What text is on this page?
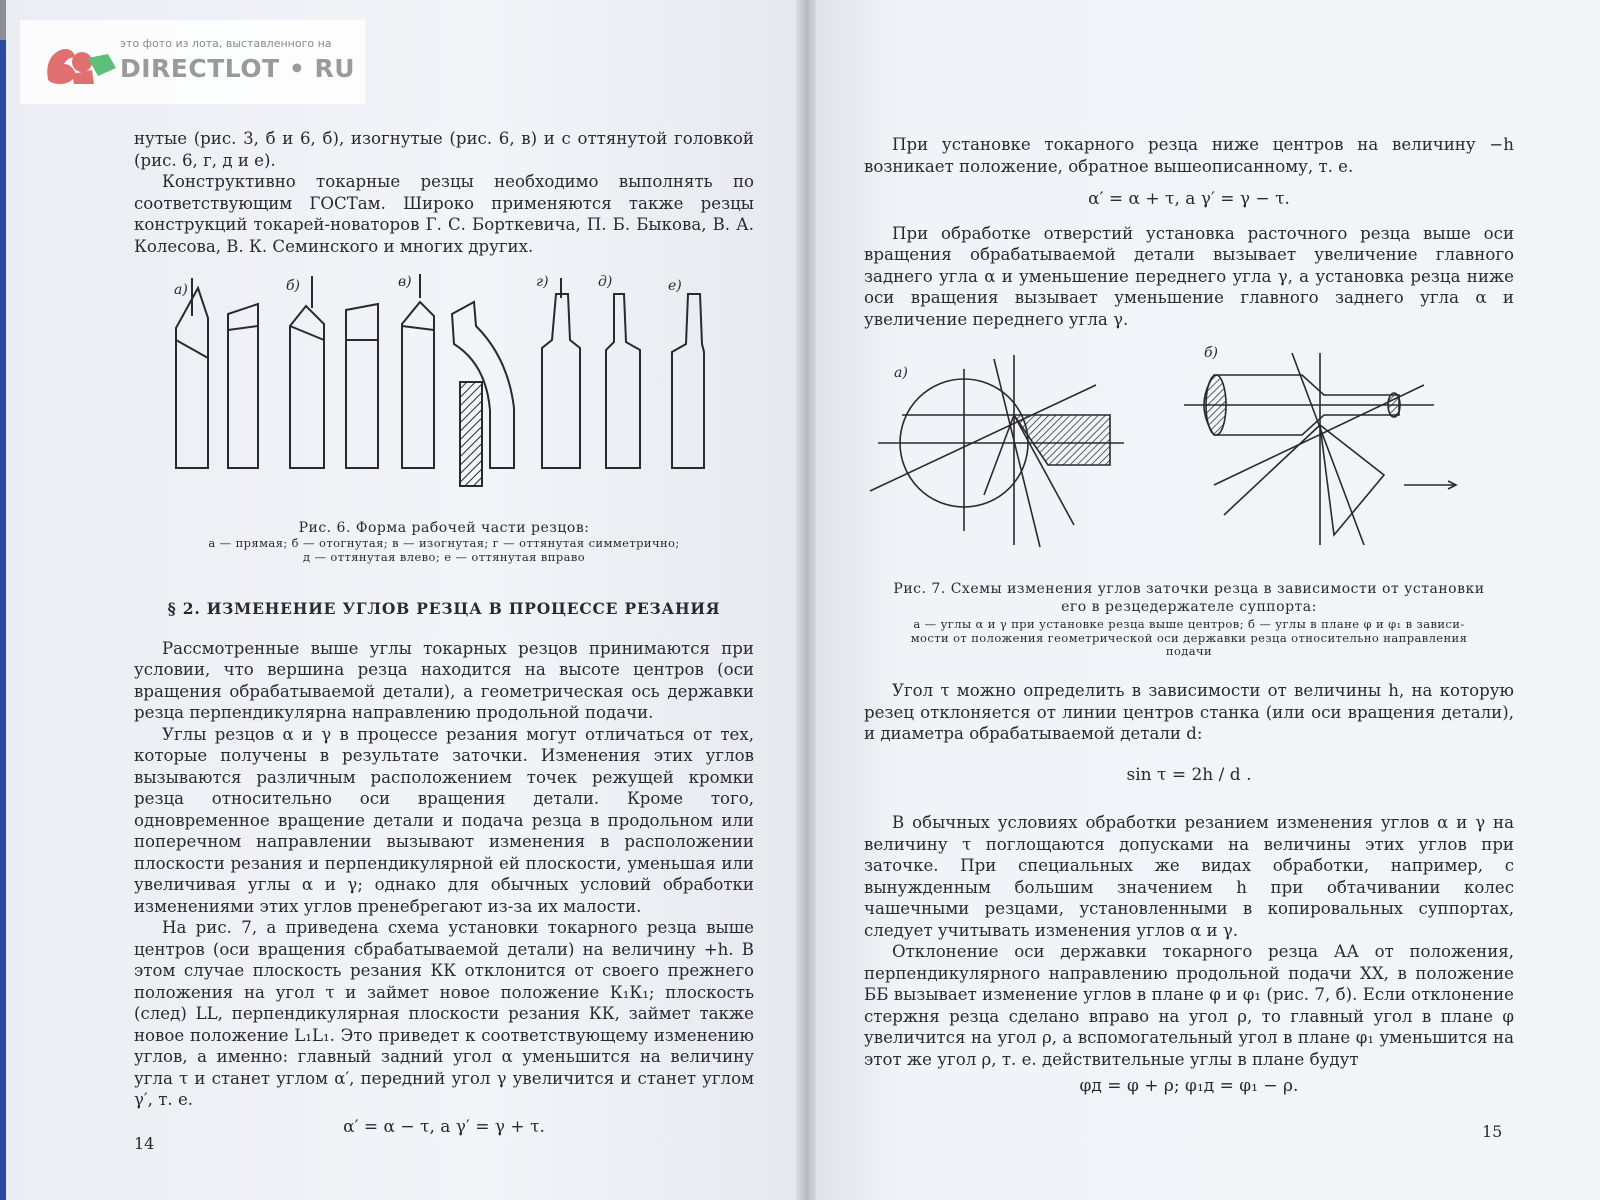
нутые (рис. 3, б и 6, б), изогнутые (рис. 6, в) и с оттянутой головкой (рис. 6, г, д и е).

Конструктивно токарные резцы необходимо выполнять по соответствующим ГОСТам. Широко применяются также резцы конструкций токарей-новаторов Г. С. Борткевича, П. Б. Быкова, В. А. Колесова, В. К. Семинского и многих других.

а)	б)	в)	г)	д)	е)

Рис. 6. Форма рабочей части резцов:

а — прямая; б — отогнутая; в — изогнутая; г — оттянутая симметрично;

д — оттянутая влево; е — оттянутая вправо

§ 2. ИЗМЕНЕНИЕ УГЛОВ РЕЗЦА В ПРОЦЕССЕ РЕЗАНИЯ

Рассмотренные выше углы токарных резцов принимаются при условии, что вершина резца находится на высоте центров (оси вращения обрабатываемой детали), а геометрическая ось державки резца перпендикулярна направлению продольной подачи.

Углы резцов α и γ в процессе резания могут отличаться от тех, которые получены в результате заточки. Изменения этих углов вызываются различным расположением точек режущей кромки резца относительно оси вращения детали. Кроме того, одновременное вращение детали и подача резца в продольном или поперечном направлении вызывают изменения в расположении плоскости резания и перпендикулярной ей плоскости, уменьшая или увеличивая углы α и γ; однако для обычных условий обработки изменениями этих углов пренебрегают из-за их малости.

На рис. 7, а приведена схема установки токарного резца выше центров (оси вращения сбрабатываемой детали) на величину +h. В этом случае плоскость резания КК отклонится от своего прежнего положения на угол τ и займет новое положение К₁К₁; плоскость (след) LL, перпендикулярная плоскости резания КК, займет также новое положение L₁L₁. Это приведет к соответствующему изменению углов, а именно: главный задний угол α уменьшится на величину угла τ и станет углом α′, передний угол γ увеличится и станет углом γ′, т. е.

α′ = α − τ, а γ′ = γ + τ.

14

При установке токарного резца ниже центров на величину −h возникает положение, обратное вышеописанному, т. е.

α′ = α + τ, а γ′ = γ − τ.

При обработке отверстий установка расточного резца выше оси вращения обрабатываемой детали вызывает увеличение главного заднего угла α и уменьшение переднего угла γ, а установка резца ниже оси вращения вызывает уменьшение главного заднего угла α и увеличение переднего угла γ.

а)
б)

Рис. 7. Схемы изменения углов заточки резца в зависимости от установки

его в резцедержателе суппорта:

а — углы α и γ при установке резца выше центров; б — углы в плане φ и φ₁ в зависи-

мости от положения геометрической оси державки резца относительно направления

подачи

Угол τ можно определить в зависимости от величины h, на которую резец отклоняется от линии центров станка (или оси вращения детали), и диаметра обрабатываемой детали d:

sin τ = 2h / d .

В обычных условиях обработки резанием изменения углов α и γ на величину τ поглощаются допусками на величины этих углов при заточке. При специальных же видах обработки, например, с вынужденным большим значением h при обтачивании колес чашечными резцами, установленными в копировальных суппортах, следует учитывать изменения углов α и γ.

Отклонение оси державки токарного резца АА от положения, перпендикулярного направлению продольной подачи XX, в положение ББ вызывает изменение углов в плане φ и φ₁ (рис. 7, б). Если отклонение стержня резца сделано вправо на угол ρ, то главный угол в плане φ увеличится на угол ρ, а вспомогательный угол в плане φ₁ уменьшится на этот же угол ρ, т. е. действительные углы в плане будут

φд = φ + ρ; φ₁д = φ₁ − ρ.

15
это фото из лота, выставленного на
DIRECTLOT • RU
